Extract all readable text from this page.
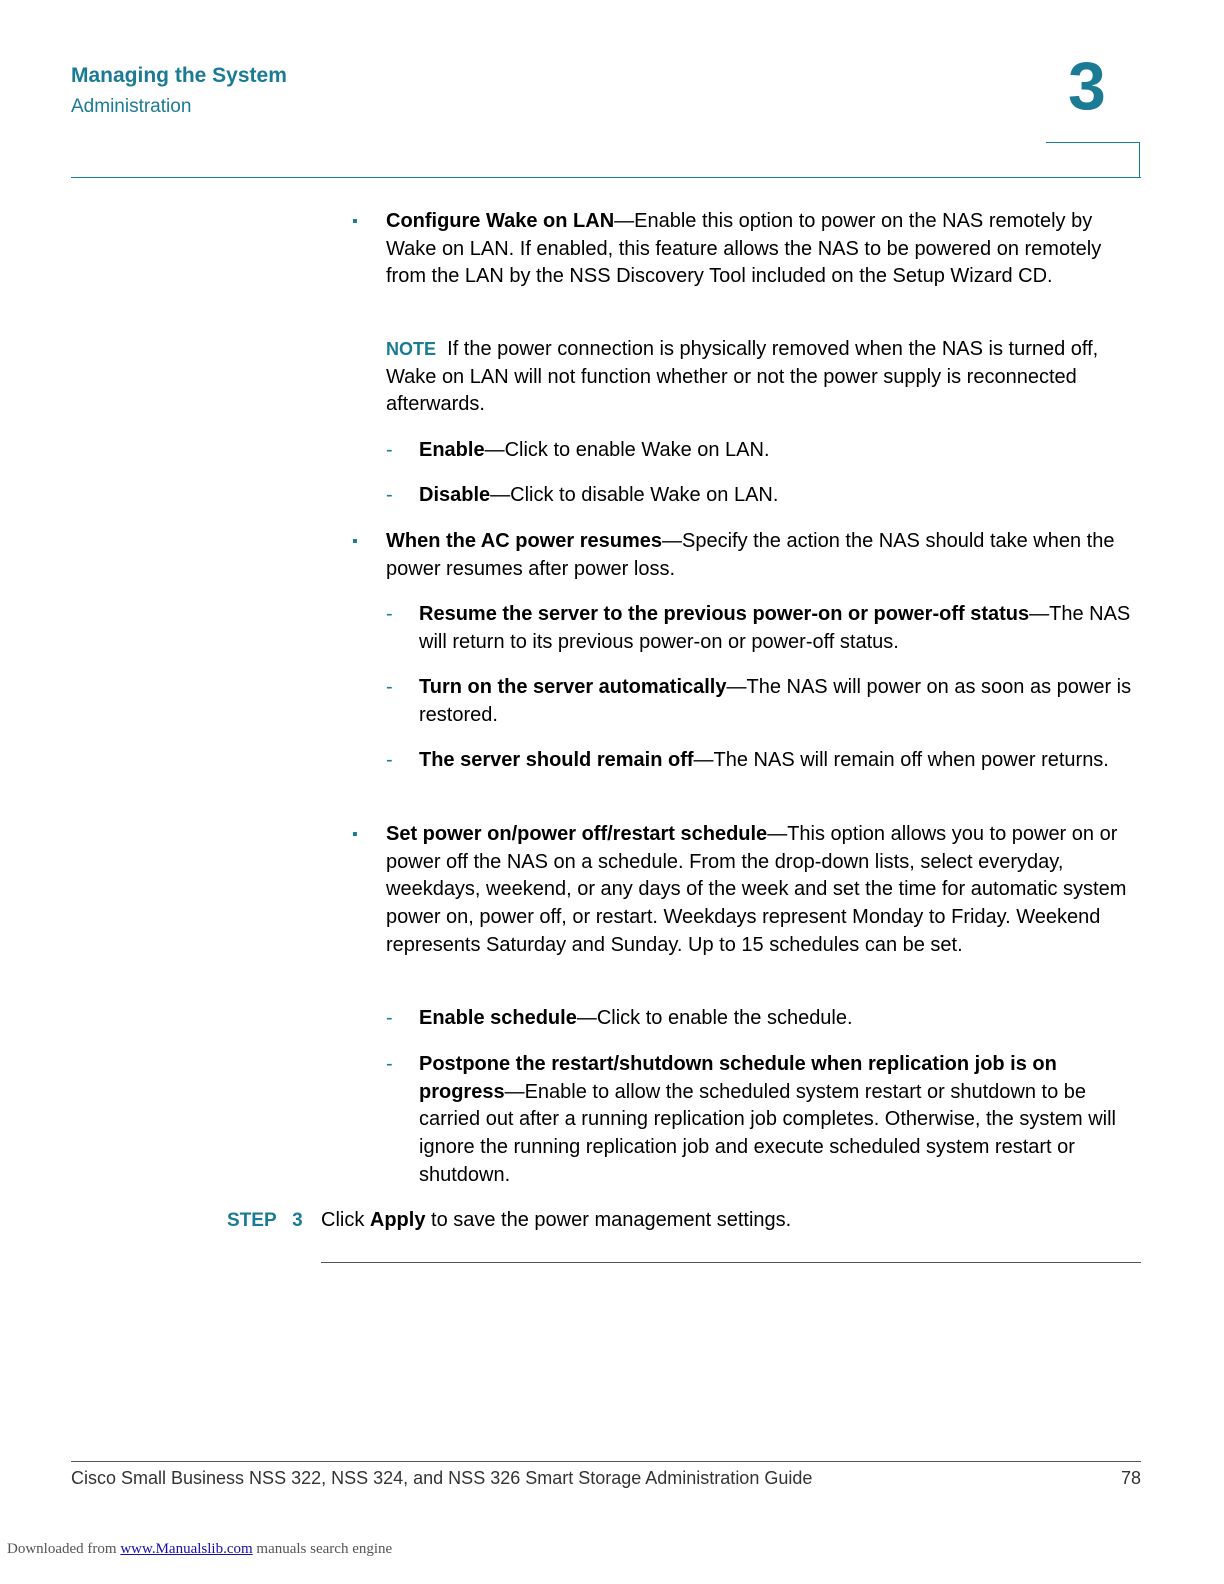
Managing the System
Administration	3
▪ Configure Wake on LAN—Enable this option to power on the NAS remotely by Wake on LAN. If enabled, this feature allows the NAS to be powered on remotely from the LAN by the NSS Discovery Tool included on the Setup Wizard CD.
NOTE If the power connection is physically removed when the NAS is turned off, Wake on LAN will not function whether or not the power supply is reconnected afterwards.
- Enable—Click to enable Wake on LAN.
- Disable—Click to disable Wake on LAN.
▪ When the AC power resumes—Specify the action the NAS should take when the power resumes after power loss.
- Resume the server to the previous power-on or power-off status—The NAS will return to its previous power-on or power-off status.
- Turn on the server automatically—The NAS will power on as soon as power is restored.
- The server should remain off—The NAS will remain off when power returns.
▪ Set power on/power off/restart schedule—This option allows you to power on or power off the NAS on a schedule. From the drop-down lists, select everyday, weekdays, weekend, or any days of the week and set the time for automatic system power on, power off, or restart. Weekdays represent Monday to Friday. Weekend represents Saturday and Sunday. Up to 15 schedules can be set.
- Enable schedule—Click to enable the schedule.
- Postpone the restart/shutdown schedule when replication job is on progress—Enable to allow the scheduled system restart or shutdown to be carried out after a running replication job completes. Otherwise, the system will ignore the running replication job and execute scheduled system restart or shutdown.
STEP   3 Click Apply to save the power management settings.
Cisco Small Business NSS 322, NSS 324, and NSS 326 Smart Storage Administration Guide	78
Downloaded from www.Manualslib.com manuals search engine
